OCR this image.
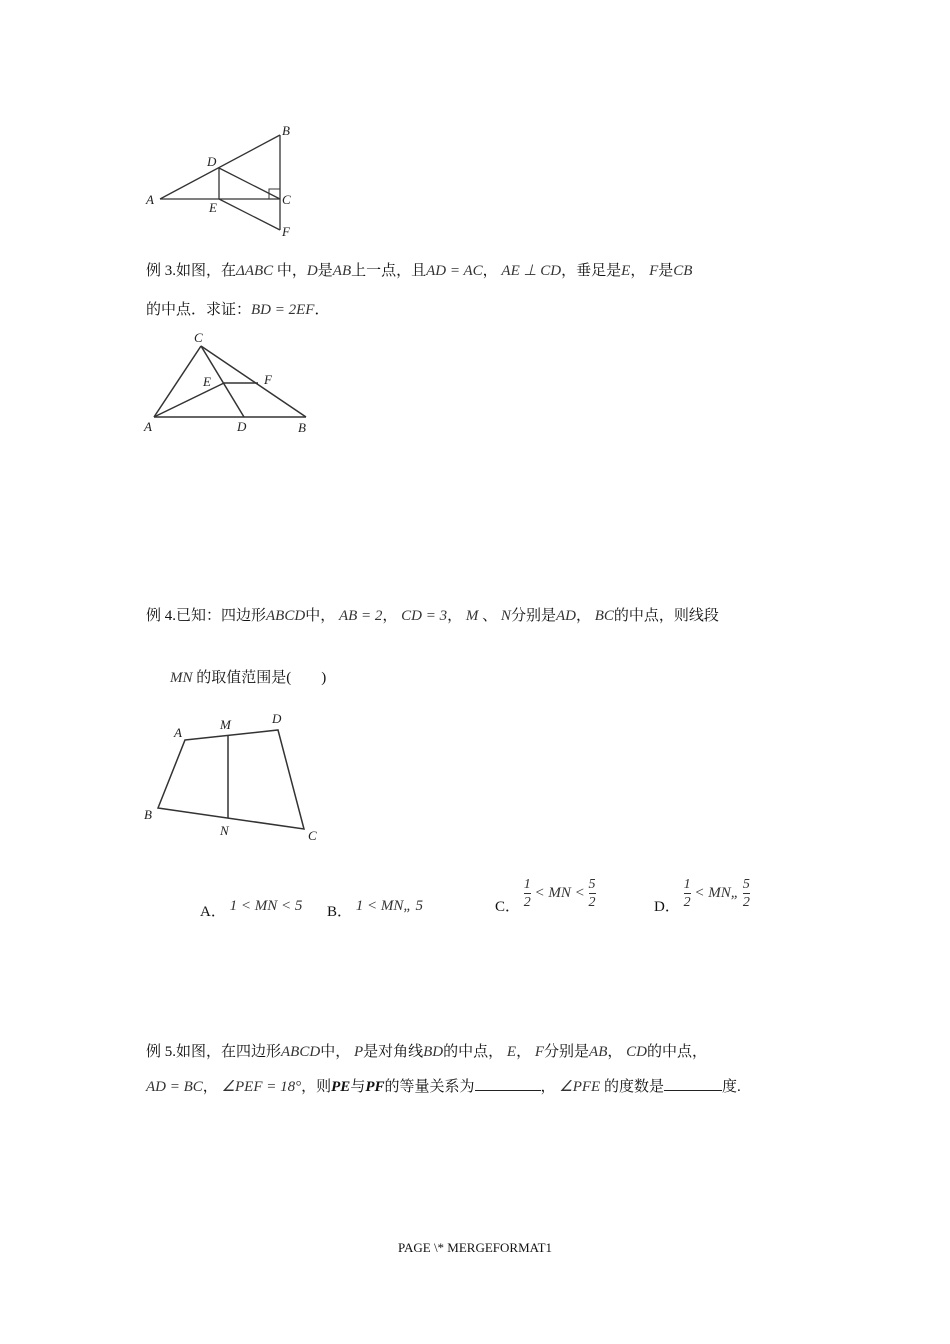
A
B
C
D
E
F
例 3.如图，在ΔABC 中，D是AB上一点，且AD = AC， AE ⊥ CD，垂足是E， F是CB
的中点．求证：BD = 2EF．
A	B
C
D
E	F
例 4.已知：四边形ABCD中， AB = 2， CD = 3， M 、 N分别是AD， BC的中点，则线段
MN 的取值范围是(        )
A
B
C
D
M
N
A． 1 < MN < 5 B． 1 < MN„ 5	C． $\frac{1}{2}$ < MN < $\frac{5}{2}$	D． $\frac{1}{2}$ < MN„ $\frac{5}{2}$
例 5.如图，在四边形ABCD中， P是对角线BD的中点， E， F分别是AB， CD的中点，
AD = BC， ∠PEF = 18°，则PE与PF的等量关系为	， ∠PFE 的度数是	度.
PAGE \* MERGEFORMAT1
